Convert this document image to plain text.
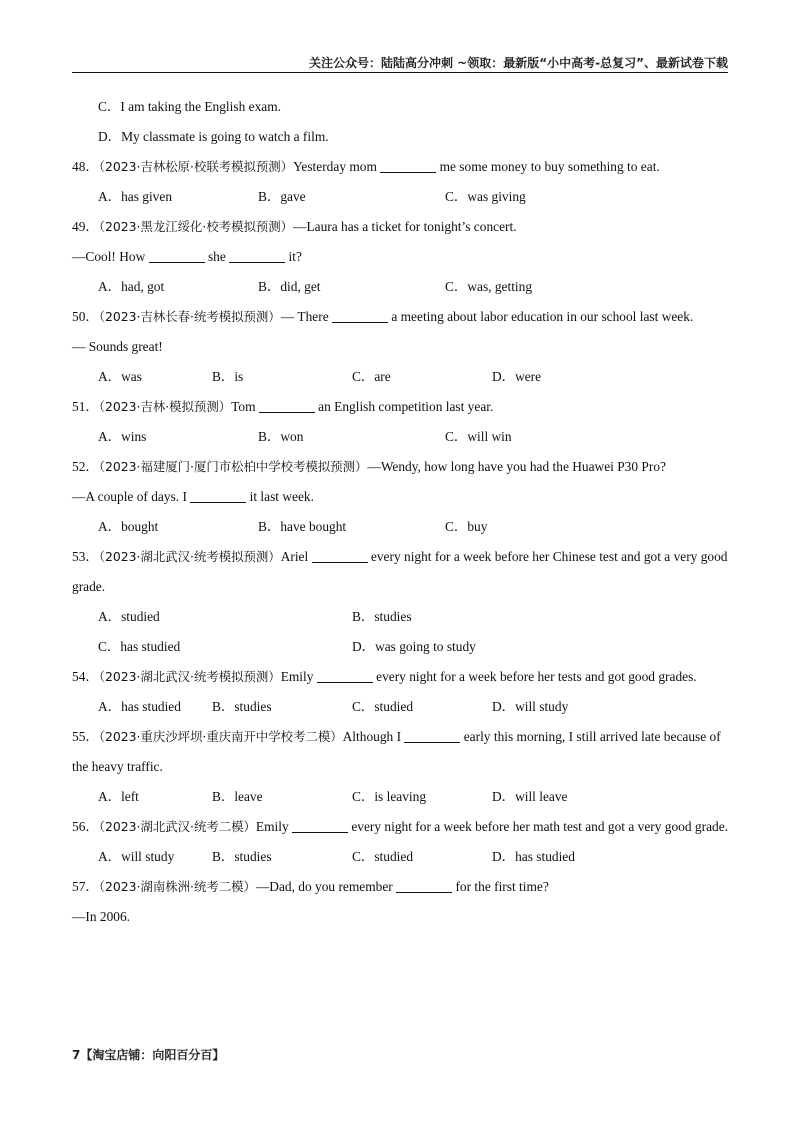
关注公众号：陆陆高分冲刺 ~领取：最新版“小中高考-总复习”、最新试卷下载
C．I am taking the English exam.
D．My classmate is going to watch a film.
48．（2023·吉林松原·校联考模拟预测）Yesterday mom	me some money to buy something to eat.
A．has given	B．gave	C．was giving
49．（2023·黑龙江绥化·校考模拟预测）—Laura has a ticket for tonight’s concert.
—Cool! How	she	it?
A．had, got	B．did, get	C．was, getting
50．（2023·吉林长春·统考模拟预测）— There	a meeting about labor education in our school last week.
— Sounds great!
A．was	B．is	C．are	D．were
51．（2023·吉林·模拟预测）Tom	an English competition last year.
A．wins	B．won	C．will win
52．（2023·福建厦门·厦门市松柏中学校考模拟预测）—Wendy, how long have you had the Huawei P30 Pro?
—A couple of days. I	it last week.
A．bought	B．have bought	C．buy
53．（2023·湖北武汉·统考模拟预测）Ariel	every night for a week before her Chinese test and got a very good grade.
A．studied	B．studies
C．has studied	D．was going to study
54．（2023·湖北武汉·统考模拟预测）Emily	every night for a week before her tests and got good grades.
A．has studied B．studies	C．studied	D．will study
55．（2023·重庆沙坪坝·重庆南开中学校考二模）Although I	early this morning, I still arrived late because of the heavy traffic.
A．left	B．leave	C．is leaving	D．will leave
56．（2023·湖北武汉·统考二模）Emily	every night for a week before her math test and got a very good grade.
A．will study	B．studies	C．studied	D．has studied
57．（2023·湖南株洲·统考二模）—Dad, do you remember	for the first time?
—In 2006.
7【淘宝店铺：向阳百分百】
